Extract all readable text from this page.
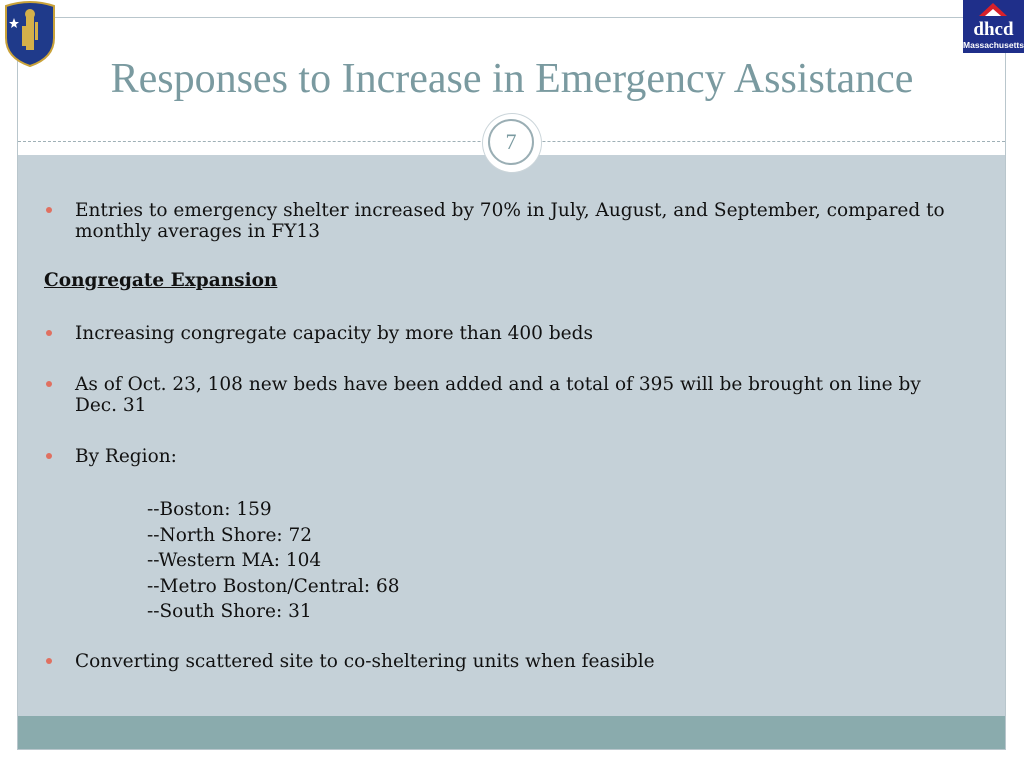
dhcd
Massachusetts
Responses to Increase in Emergency Assistance
7
Entries to emergency shelter increased by 70% in July, August, and September, compared to monthly averages in FY13
Congregate Expansion
Increasing congregate capacity by more than 400 beds
As of Oct. 23, 108 new beds have been added and a total of 395 will be brought on line by Dec. 31
By Region:
--Boston: 159
--North Shore: 72
--Western MA: 104
--Metro Boston/Central: 68
--South Shore: 31
Converting scattered site to co-sheltering units when feasible
